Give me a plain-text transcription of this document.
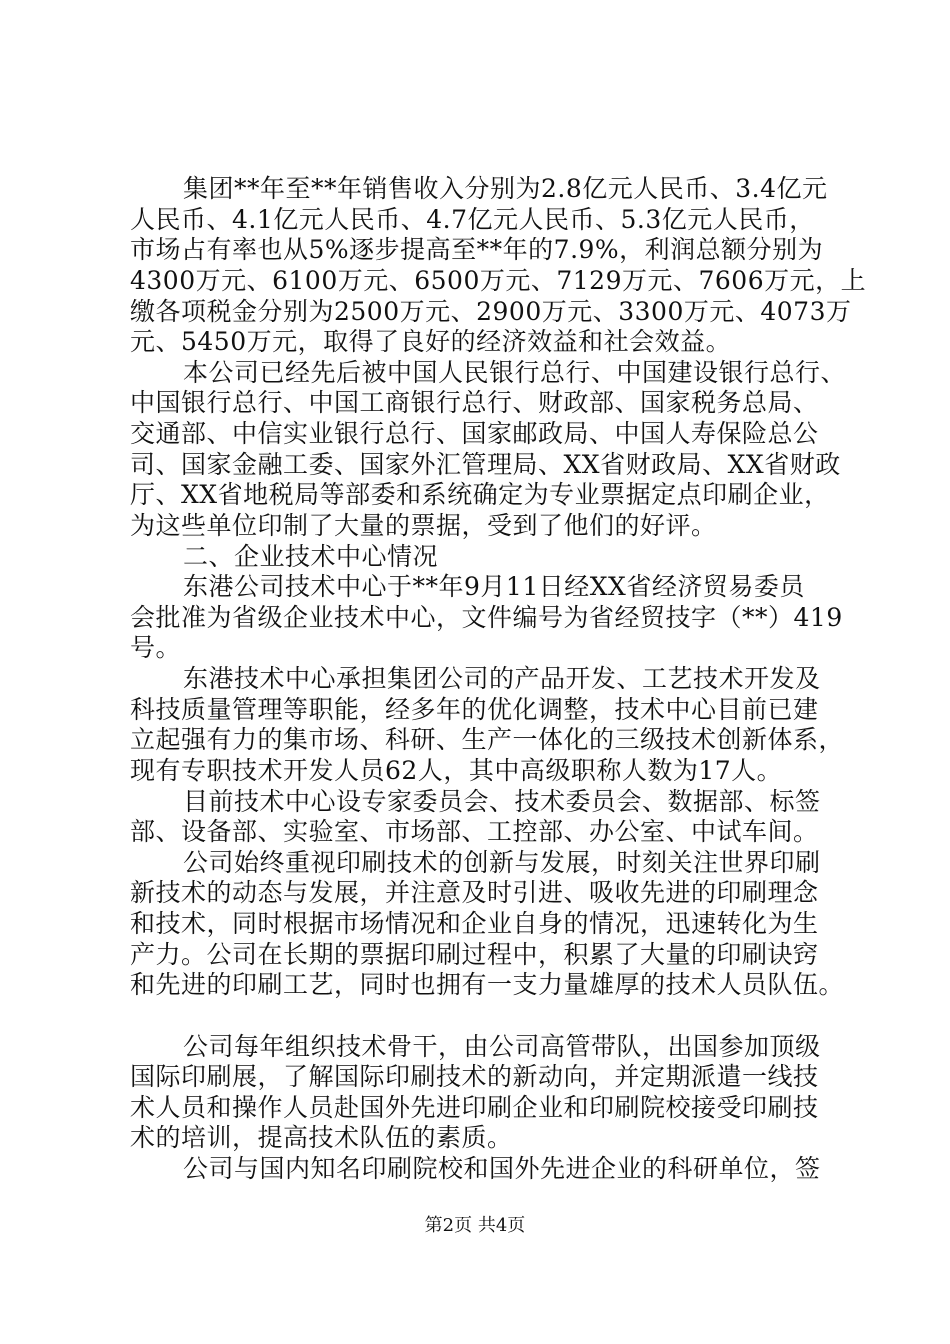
集团**年至**年销售收入分别为2.8亿元人民币、3.4亿元
人民币、4.1亿元人民币、4.7亿元人民币、5.3亿元人民币，
市场占有率也从5%逐步提高至**年的7.9%，利润总额分别为
4300万元、6100万元、6500万元、7129万元、7606万元，上
缴各项税金分别为2500万元、2900万元、3300万元、4073万
元、5450万元，取得了良好的经济效益和社会效益。
本公司已经先后被中国人民银行总行、中国建设银行总行、
中国银行总行、中国工商银行总行、财政部、国家税务总局、
交通部、中信实业银行总行、国家邮政局、中国人寿保险总公
司、国家金融工委、国家外汇管理局、XX省财政局、XX省财政
厅、XX省地税局等部委和系统确定为专业票据定点印刷企业，
为这些单位印制了大量的票据，受到了他们的好评。
二、企业技术中心情况
东港公司技术中心于**年9月11日经XX省经济贸易委员
会批准为省级企业技术中心，文件编号为省经贸技字（**）419
号。
东港技术中心承担集团公司的产品开发、工艺技术开发及
科技质量管理等职能，经多年的优化调整，技术中心目前已建
立起强有力的集市场、科研、生产一体化的三级技术创新体系，
现有专职技术开发人员62人，其中高级职称人数为17人。
目前技术中心设专家委员会、技术委员会、数据部、标签
部、设备部、实验室、市场部、工控部、办公室、中试车间。
公司始终重视印刷技术的创新与发展，时刻关注世界印刷
新技术的动态与发展，并注意及时引进、吸收先进的印刷理念
和技术，同时根据市场情况和企业自身的情况，迅速转化为生
产力。公司在长期的票据印刷过程中，积累了大量的印刷诀窍
和先进的印刷工艺，同时也拥有一支力量雄厚的技术人员队伍。
公司每年组织技术骨干，由公司高管带队，出国参加顶级
国际印刷展，了解国际印刷技术的新动向，并定期派遣一线技
术人员和操作人员赴国外先进印刷企业和印刷院校接受印刷技
术的培训，提高技术队伍的素质。
公司与国内知名印刷院校和国外先进企业的科研单位，签
第2页 共4页
